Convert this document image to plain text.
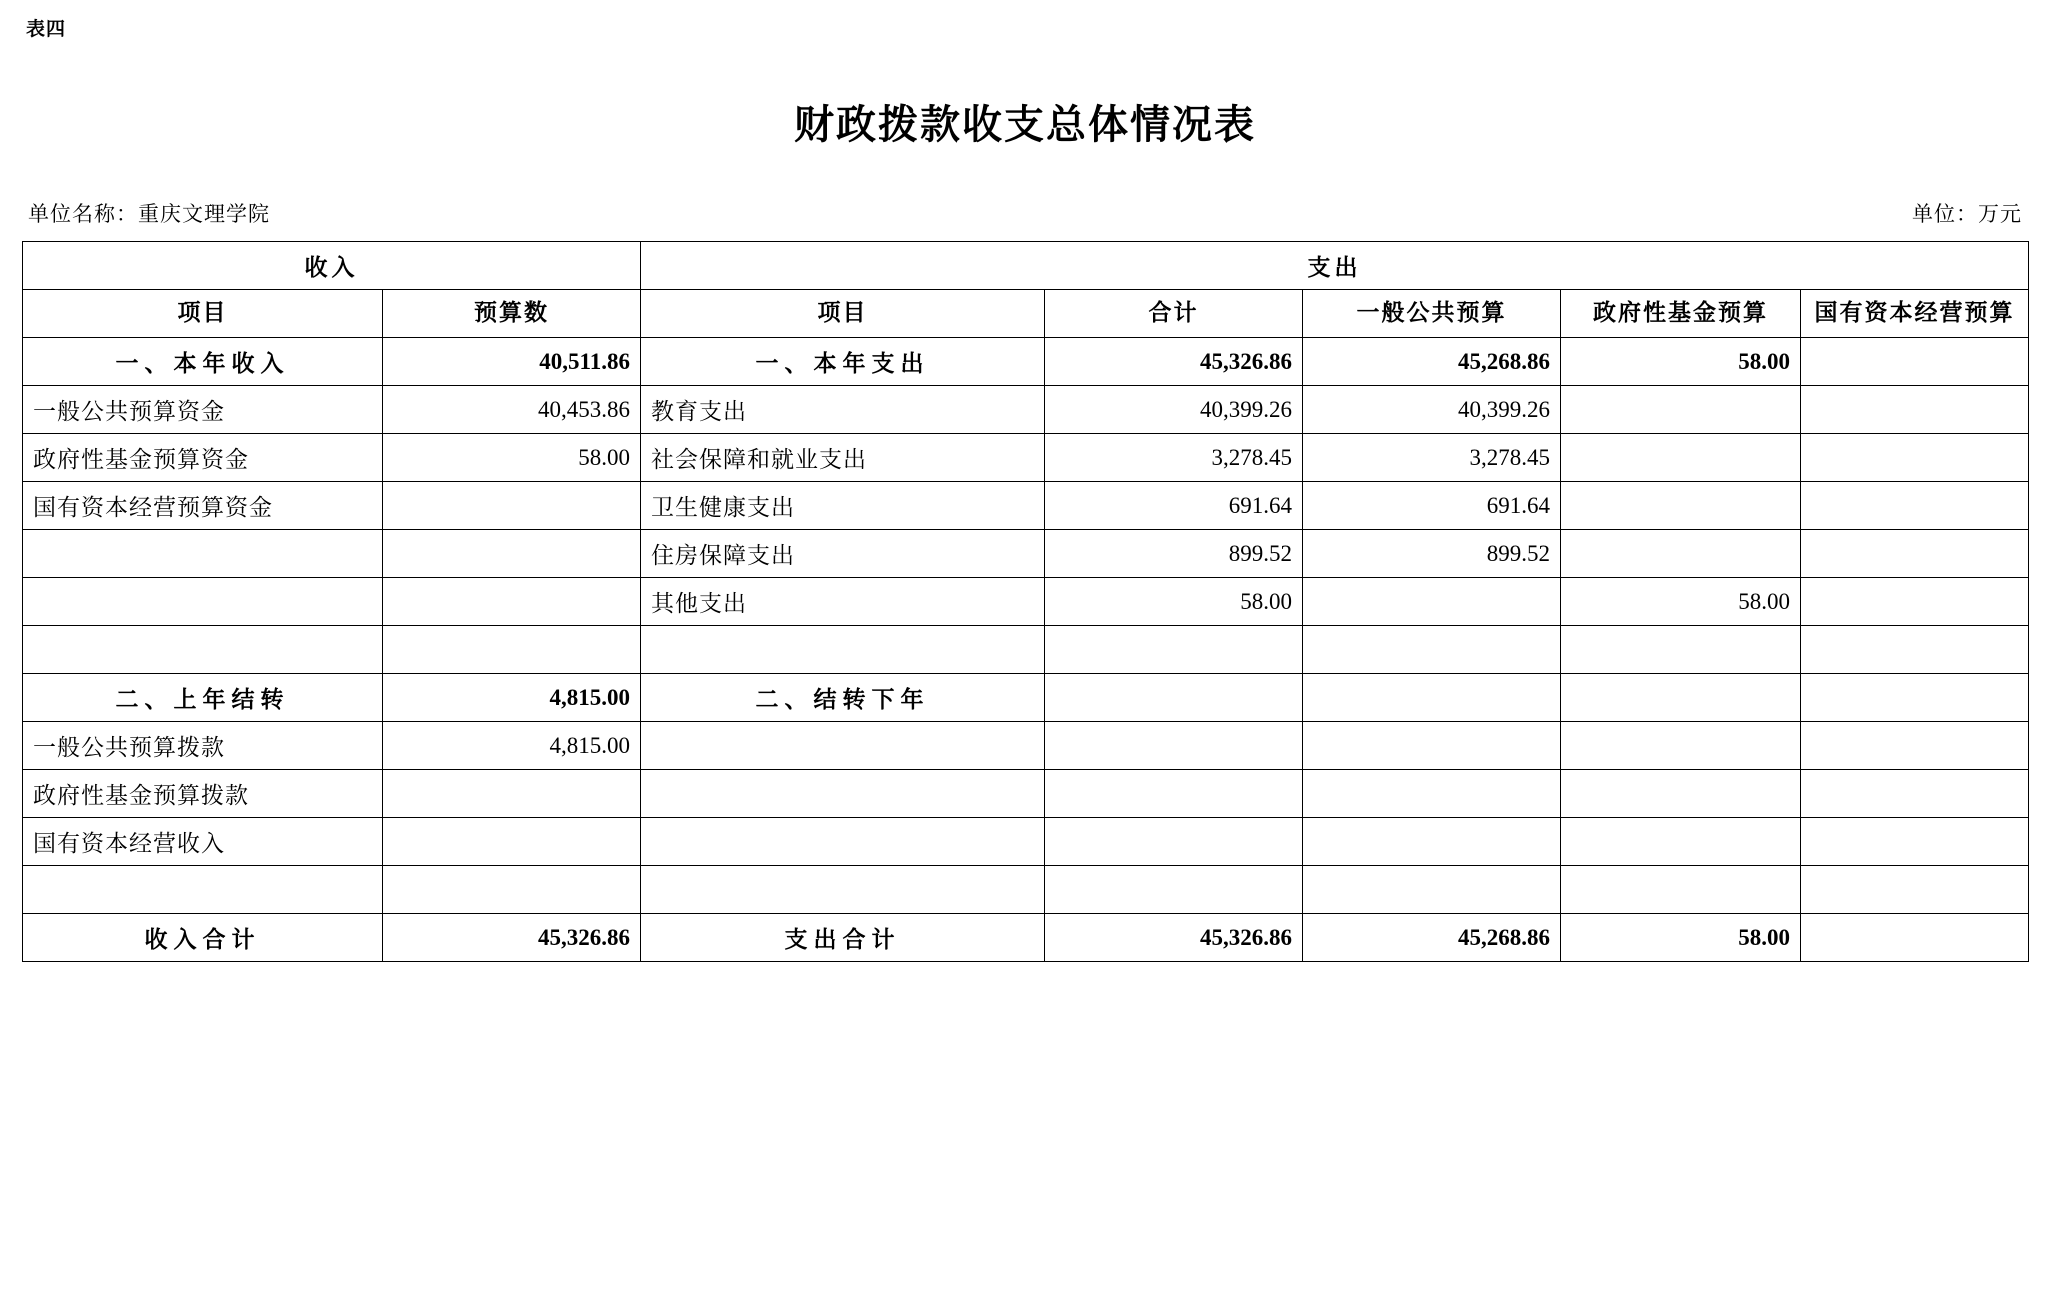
表四
财政拨款收支总体情况表
单位名称：重庆文理学院	单位：万元
收入		支出				
项目	预算数	项目	合计	一般公共预算	政府性基金预算	国有资本经营预算
一、本年收入	40,511.86	一、本年支出	45,326.86	45,268.86	58.00	
一般公共预算资金	40,453.86	教育支出	40,399.26	40,399.26		
政府性基金预算资金	58.00	社会保障和就业支出	3,278.45	3,278.45		
国有资本经营预算资金		卫生健康支出	691.64	691.64		
		住房保障支出	899.52	899.52		
		其他支出	58.00		58.00	

二、上年结转	4,815.00	二、结转下年				
一般公共预算拨款	4,815.00					
政府性基金预算拨款						
国有资本经营收入						

收入合计	45,326.86	支出合计	45,326.86	45,268.86	58.00	
